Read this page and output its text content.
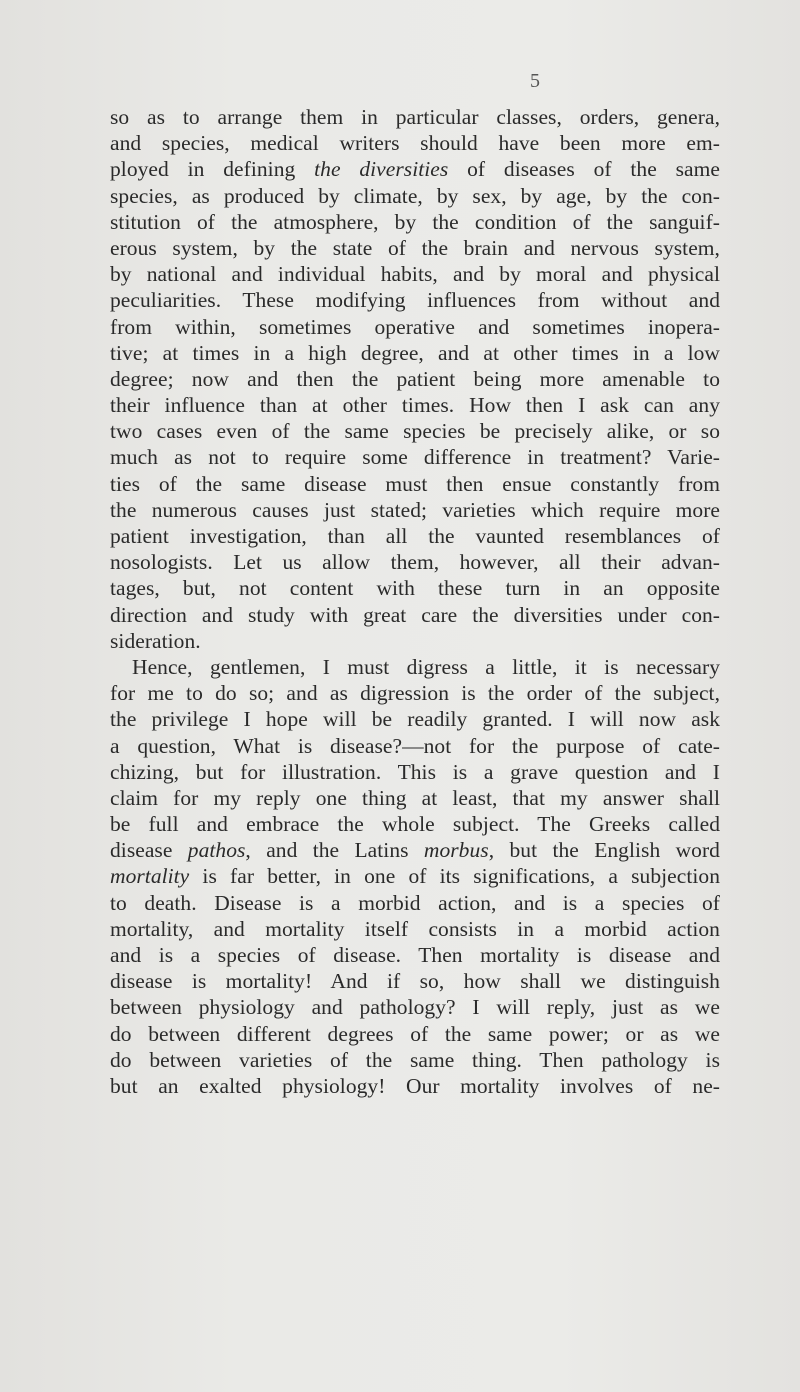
5
so as to arrange them in particular classes, orders, genera,
and species, medical writers should have been more em-
ployed in defining the diversities of diseases of the same
species, as produced by climate, by sex, by age, by the con-
stitution of the atmosphere, by the condition of the sanguif-
erous system, by the state of the brain and nervous system,
by national and individual habits, and by moral and physical
peculiarities. These modifying influences from without and
from within, sometimes operative and sometimes inopera-
tive; at times in a high degree, and at other times in a low
degree; now and then the patient being more amenable to
their influence than at other times. How then I ask can any
two cases even of the same species be precisely alike, or so
much as not to require some difference in treatment? Varie-
ties of the same disease must then ensue constantly from
the numerous causes just stated; varieties which require more
patient investigation, than all the vaunted resemblances of
nosologists. Let us allow them, however, all their advan-
tages, but, not content with these turn in an opposite
direction and study with great care the diversities under con-
sideration.
Hence, gentlemen, I must digress a little, it is necessary
for me to do so; and as digression is the order of the subject,
the privilege I hope will be readily granted. I will now ask
a question, What is disease?—not for the purpose of cate-
chizing, but for illustration. This is a grave question and I
claim for my reply one thing at least, that my answer shall
be full and embrace the whole subject. The Greeks called
disease pathos, and the Latins morbus, but the English word
mortality is far better, in one of its significations, a subjection
to death. Disease is a morbid action, and is a species of
mortality, and mortality itself consists in a morbid action
and is a species of disease. Then mortality is disease and
disease is mortality! And if so, how shall we distinguish
between physiology and pathology? I will reply, just as we
do between different degrees of the same power; or as we
do between varieties of the same thing. Then pathology is
but an exalted physiology! Our mortality involves of ne-
